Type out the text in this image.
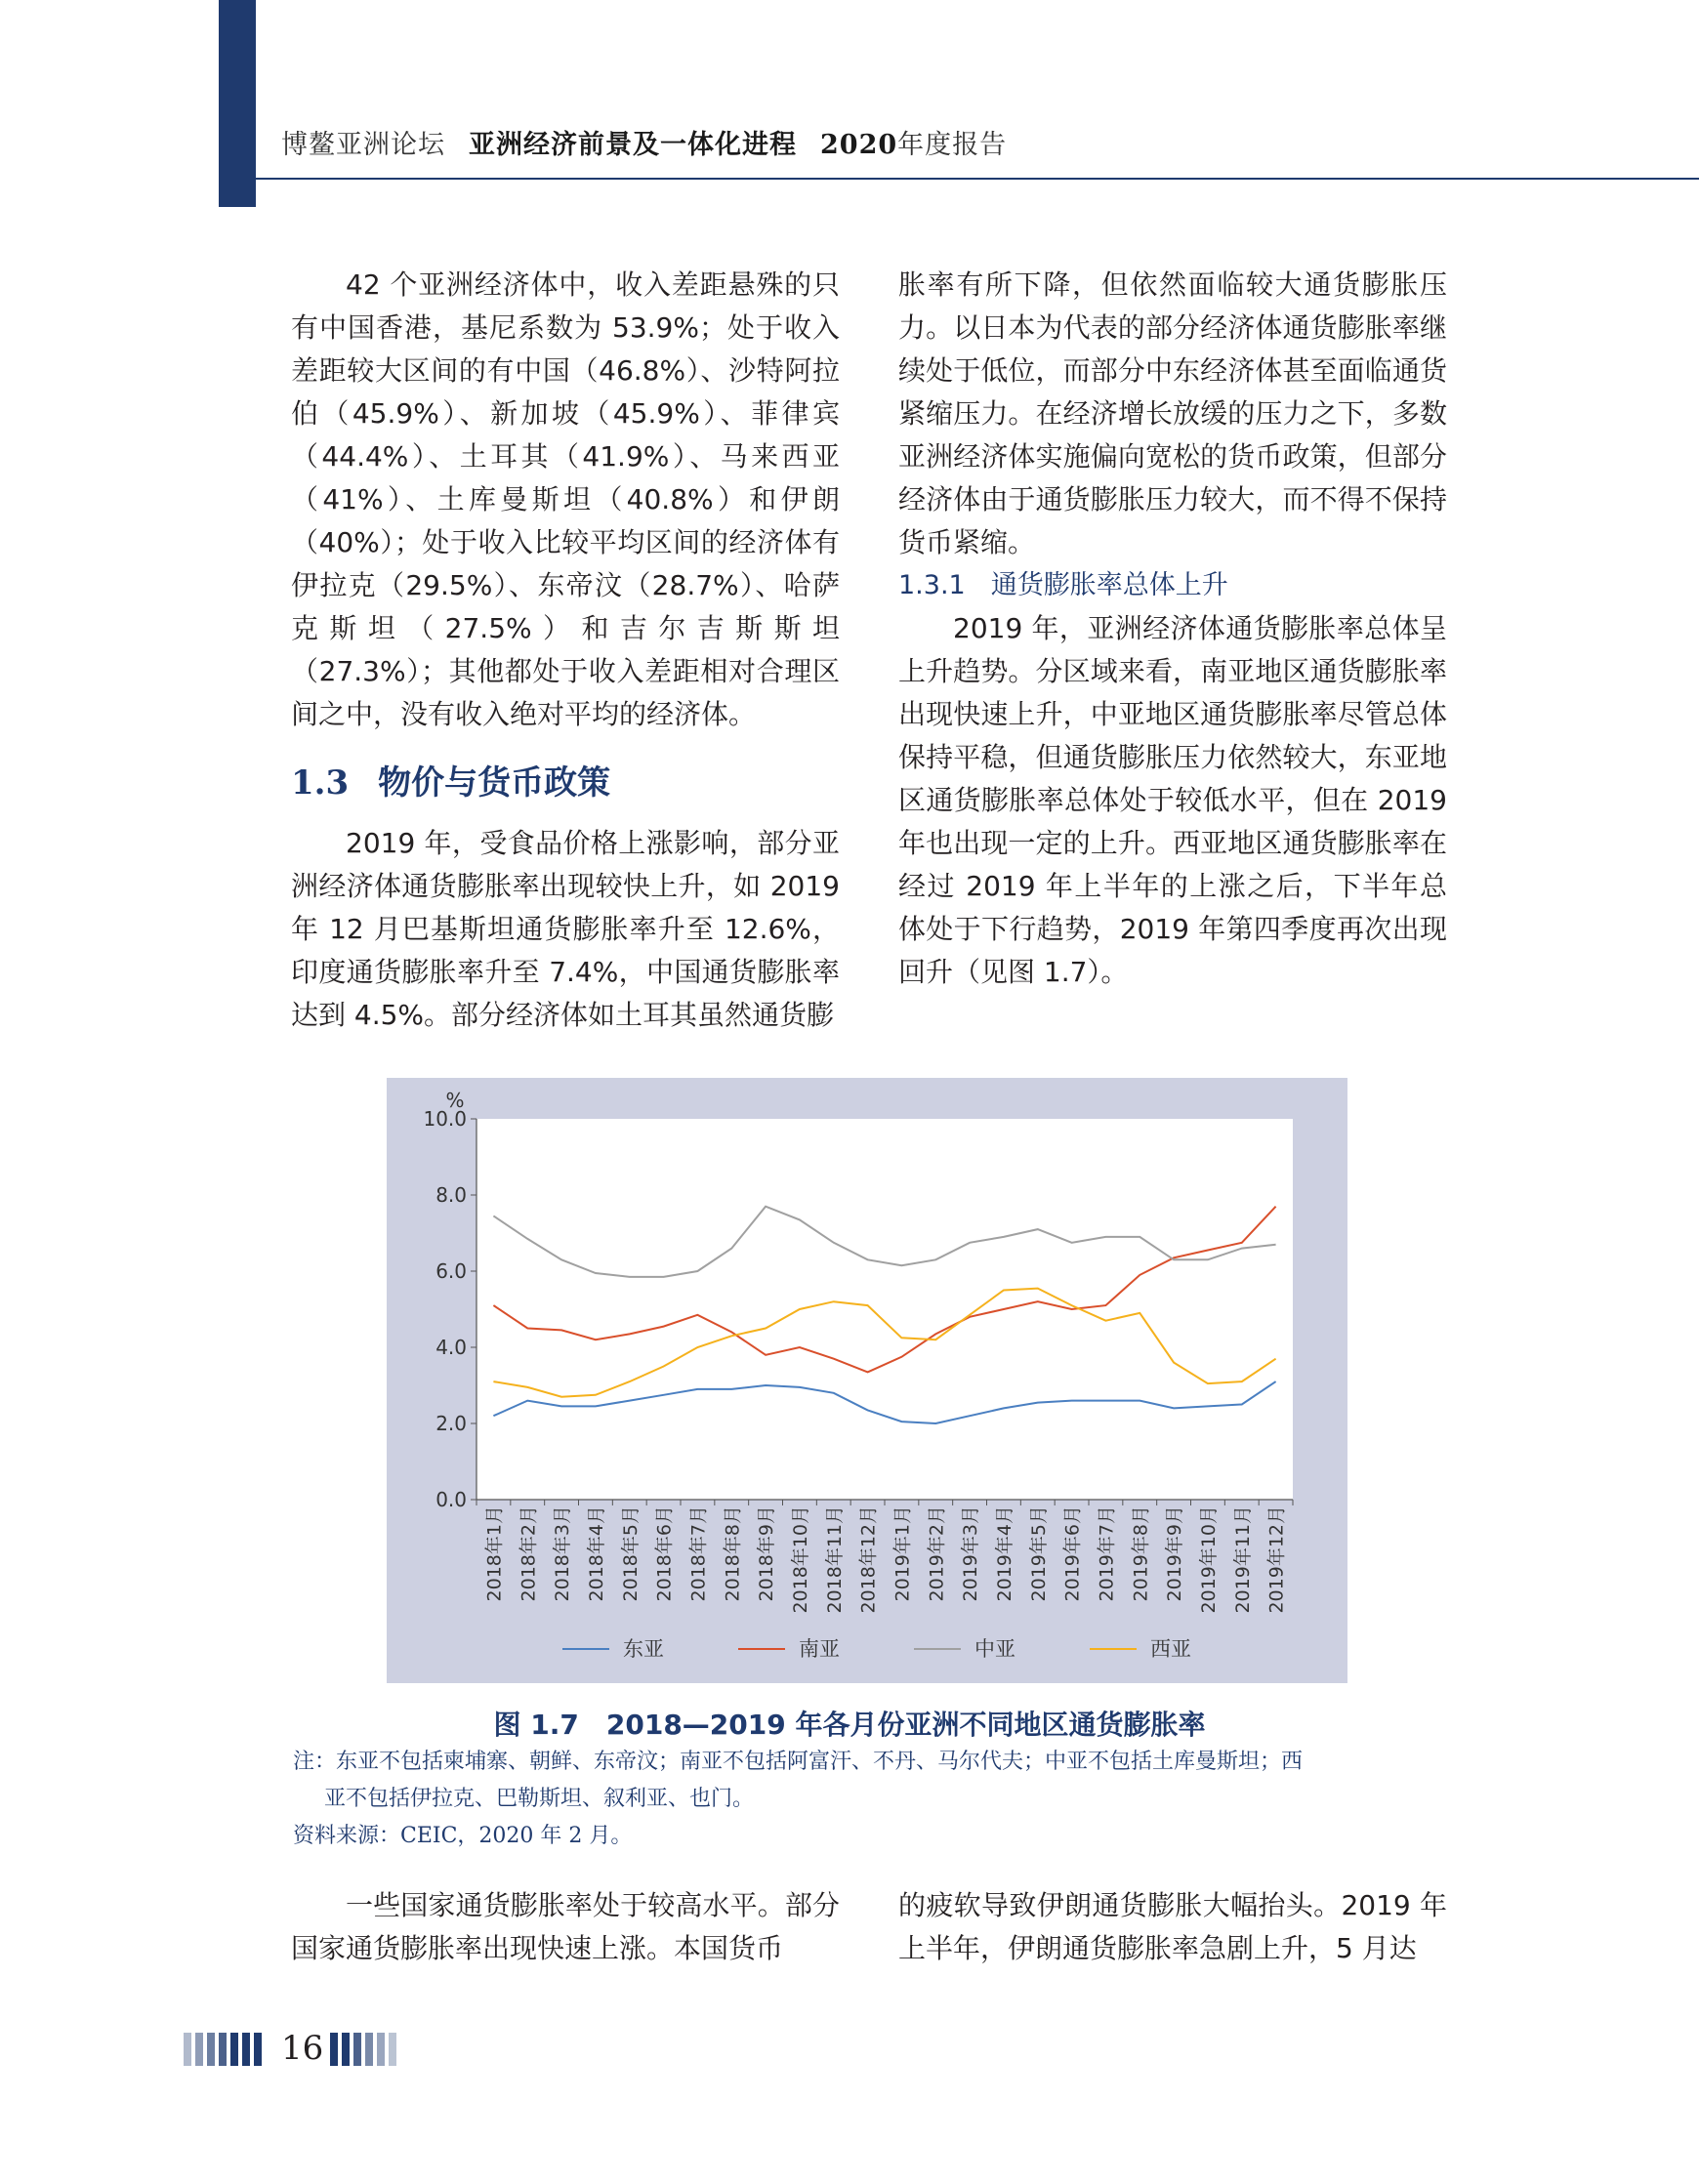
博鳌亚洲论坛 亚洲经济前景及一体化进程 2020年度报告

42 个亚洲经济体中，收入差距悬殊的只有中国香港，基尼系数为 53.9%；处于收入差距较大区间的有中国（46.8%）、沙特阿拉伯（45.9%）、新加坡（45.9%）、菲律宾（44.4%）、土耳其（41.9%）、马来西亚（41%）、土库曼斯坦（40.8%）和伊朗（40%）；处于收入比较平均区间的经济体有伊拉克（29.5%）、东帝汶（28.7%）、哈萨克斯坦（27.5%）和吉尔吉斯斯坦（27.3%）；其他都处于收入差距相对合理区间之中，没有收入绝对平均的经济体。

1.3 物价与货币政策

2019 年，受食品价格上涨影响，部分亚洲经济体通货膨胀率出现较快上升，如 2019 年 12 月巴基斯坦通货膨胀率升至 12.6%，印度通货膨胀率升至 7.4%，中国通货膨胀率达到 4.5%。部分经济体如土耳其虽然通货膨

胀率有所下降，但依然面临较大通货膨胀压力。以日本为代表的部分经济体通货膨胀率继续处于低位，而部分中东经济体甚至面临通货紧缩压力。在经济增长放缓的压力之下，多数亚洲经济体实施偏向宽松的货币政策，但部分经济体由于通货膨胀压力较大，而不得不保持货币紧缩。

1.3.1 通货膨胀率总体上升

2019 年，亚洲经济体通货膨胀率总体呈上升趋势。分区域来看，南亚地区通货膨胀率出现快速上升，中亚地区通货膨胀率尽管总体保持平稳，但通货膨胀压力依然较大，东亚地区通货膨胀率总体处于较低水平，但在 2019 年也出现一定的上升。西亚地区通货膨胀率在经过 2019 年上半年的上涨之后，下半年总体处于下行趋势，2019 年第四季度再次出现回升（见图 1.7）。

%
0.0
2.0
4.0
6.0
8.0
10.0
2018年1月 2018年2月 2018年3月 2018年4月 2018年5月 2018年6月 2018年7月 2018年8月 2018年9月 2018年10月 2018年11月 2018年12月 2019年1月 2019年2月 2019年3月 2019年4月 2019年5月 2019年6月 2019年7月 2019年8月 2019年9月 2019年10月 2019年11月 2019年12月
东亚	南亚	中亚	西亚
图 1.7　2018—2019 年各月份亚洲不同地区通货膨胀率

注：东亚不包括柬埔寨、朝鲜、东帝汶；南亚不包括阿富汗、不丹、马尔代夫；中亚不包括土库曼斯坦；西

亚不包括伊拉克、巴勒斯坦、叙利亚、也门。

资料来源：CEIC，2020 年 2 月。

一些国家通货膨胀率处于较高水平。部分国家通货膨胀率出现快速上涨。本国货币

的疲软导致伊朗通货膨胀大幅抬头。2019 年上半年，伊朗通货膨胀率急剧上升，5 月达

16
